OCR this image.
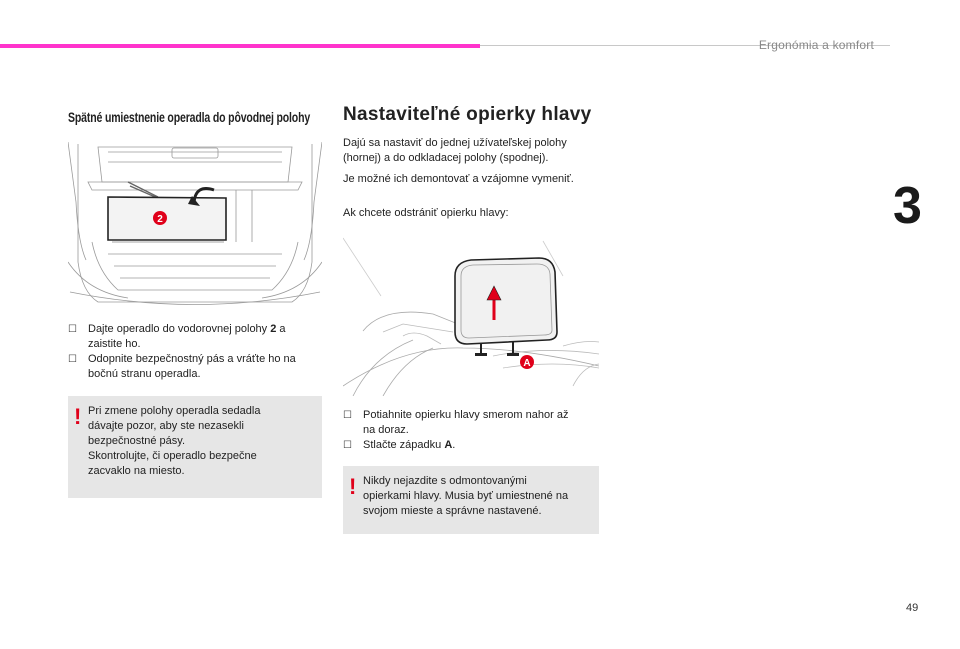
Ergonómia a komfort
3
49
Spätné umiestnenie operadla do pôvodnej polohy
2
☐ Dajte operadlo do vodorovnej polohy 2 a
zaistite ho.
☐ Odopnite bezpečnostný pás a vráťte ho na
bočnú stranu operadla.
! Pri zmene polohy operadla sedadla
dávajte pozor, aby ste nezasekli
bezpečnostné pásy.
Skontrolujte, či operadlo bezpečne
zacvaklo na miesto.
Nastaviteľné opierky hlavy
Dajú sa nastaviť do jednej užívateľskej polohy
(hornej) a do odkladacej polohy (spodnej).
Je možné ich demontovať a vzájomne vymeniť.
Ak chcete odstrániť opierku hlavy:
A
☐ Potiahnite opierku hlavy smerom nahor až
na doraz.
☐ Stlačte západku A.
! Nikdy nejazdite s odmontovanými
opierkami hlavy. Musia byť umiestnené na
svojom mieste a správne nastavené.
